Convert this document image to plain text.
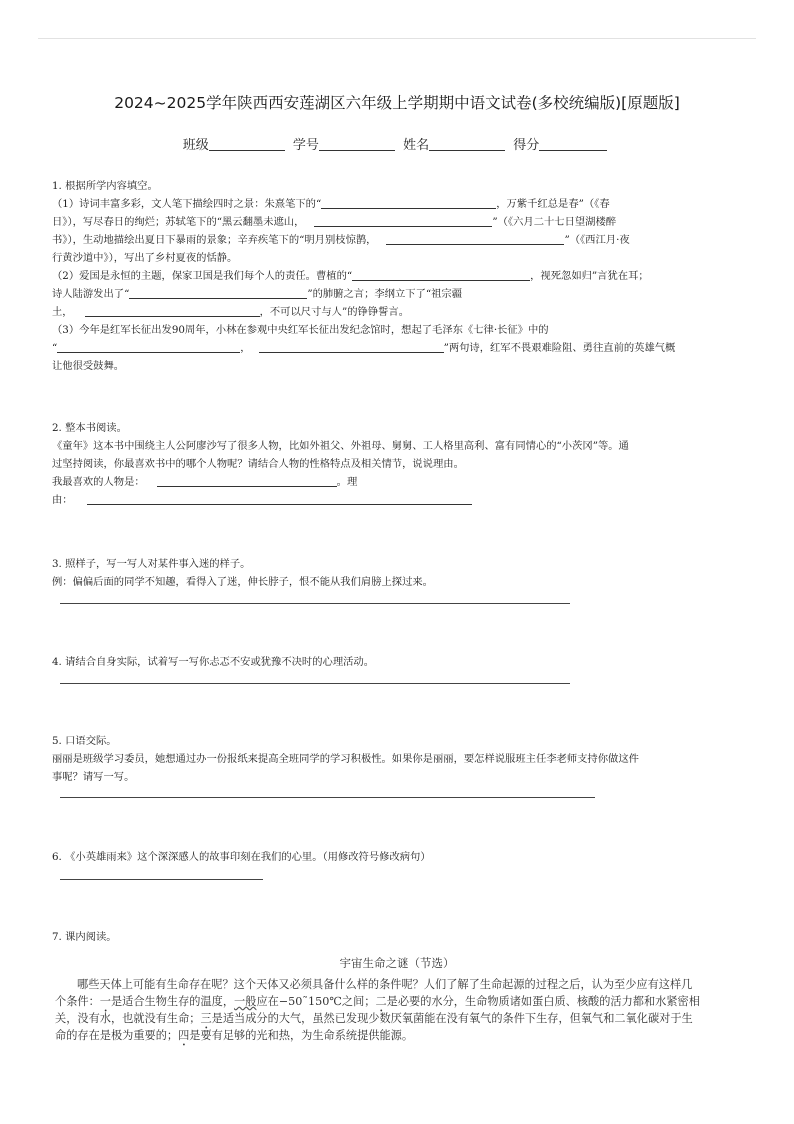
2024~2025学年陕西西安莲湖区六年级上学期期中语文试卷(多校统编版)[原题版]
班级	学号	姓名	得分
1. 根据所学内容填空。
（1）诗词丰富多彩，文人笔下描绘四时之景：朱熹笔下的“	，万紫千红总是春”（《春
日》），写尽春日的绚烂；苏轼笔下的“黑云翻墨未遮山，	”（《六月二十七日望湖楼醉
书》），生动地描绘出夏日下暴雨的景象；辛弃疾笔下的“明月别枝惊鹊，	”（《西江月·夜
行黄沙道中》），写出了乡村夏夜的恬静。
（2）爱国是永恒的主题，保家卫国是我们每个人的责任。曹植的“	，视死忽如归”言犹在耳；
诗人陆游发出了“	”的肺腑之言；李纲立下了“祖宗疆
土，	，不可以尺寸与人”的铮铮誓言。
（3）今年是红军长征出发90周年，小林在参观中央红军长征出发纪念馆时，想起了毛泽东《七律·长征》中的
“	，	”两句诗，红军不畏艰难险阻、勇往直前的英雄气概
让他很受鼓舞。
2. 整本书阅读。
《童年》这本书中围绕主人公阿廖沙写了很多人物，比如外祖父、外祖母、舅舅、工人格里高利、富有同情心的“小茨冈”等。通
过坚持阅读，你最喜欢书中的哪个人物呢？请结合人物的性格特点及相关情节，说说理由。
我最喜欢的人物是：	。理
由：
3. 照样子，写一写人对某件事入迷的样子。
例：偏偏后面的同学不知趣，看得入了迷，伸长脖子，恨不能从我们肩膀上探过来。
4. 请结合自身实际，试着写一写你忐忑不安或犹豫不决时的心理活动。
5. 口语交际。
丽丽是班级学习委员，她想通过办一份报纸来提高全班同学的学习积极性。如果你是丽丽，要怎样说服班主任李老师支持你做这件
事呢？请写一写。
6. 《小英雄雨来》这个深深感人的故事印刻在我们的心里。（用修改符号修改病句）
7. 课内阅读。
宇宙生命之谜（节选）
哪些天体上可能有生命存在呢？这个天体又必须具备什么样的条件呢？人们了解了生命起源的过程之后，认为至少应有这样几
个条件：一是适合生物生存的温度，一般应在−50˜150℃之间；二是必要的水分，生命物质诸如蛋白质、核酸的活力都和水紧密相
关，没有水，也就没有生命；三是适当成分的大气，虽然已发现少数厌氧菌能在没有氧气的条件下生存，但氧气和二氧化碳对于生
命的存在是极为重要的；四是要有足够的光和热，为生命系统提供能源。
